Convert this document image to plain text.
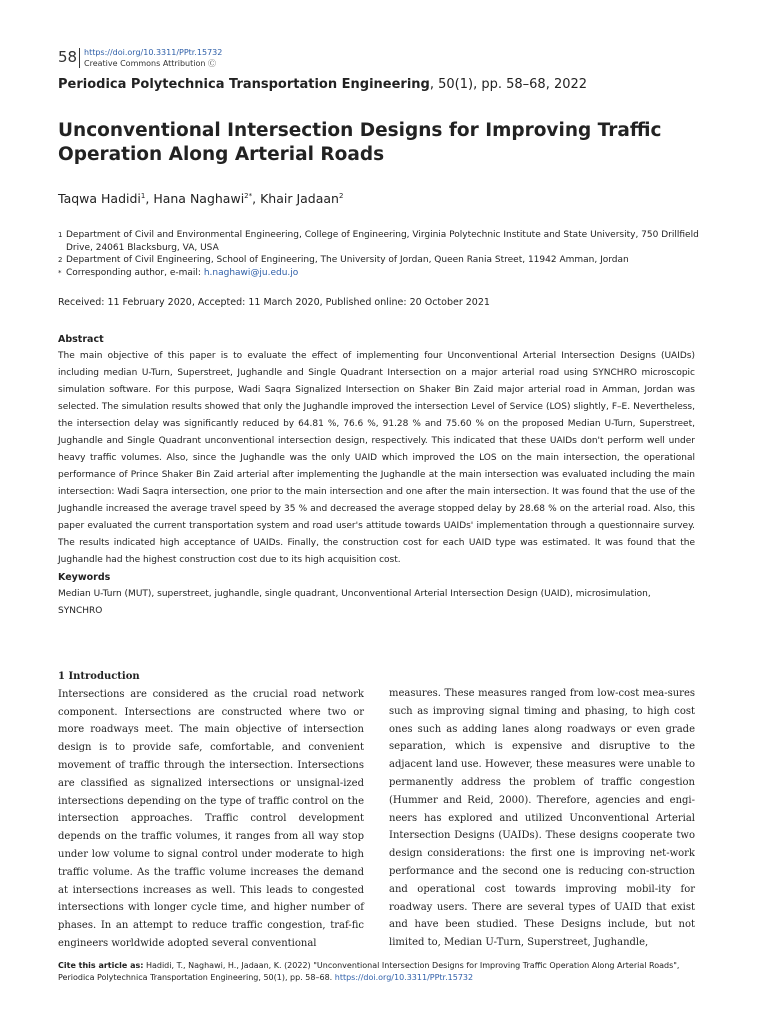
58 https://doi.org/10.3311/PPtr.15732
Creative Commons Attribution Ⓒ
Periodica Polytechnica Transportation Engineering, 50(1), pp. 58–68, 2022
Unconventional Intersection Designs for Improving Traffic Operation Along Arterial Roads
Taqwa Hadidi$^1$, Hana Naghawi$^{2*}$, Khair Jadaan$^2$
1 Department of Civil and Environmental Engineering, College of Engineering, Virginia Polytechnic Institute and State University, 750 Drillfield Drive, 24061 Blacksburg, VA, USA
2 Department of Civil Engineering, School of Engineering, The University of Jordan, Queen Rania Street, 11942 Amman, Jordan
* Corresponding author, e-mail: h.naghawi@ju.edu.jo
Received: 11 February 2020, Accepted: 11 March 2020, Published online: 20 October 2021
Abstract
The main objective of this paper is to evaluate the effect of implementing four Unconventional Arterial Intersection Designs (UAIDs) including median U-Turn, Superstreet, Jughandle and Single Quadrant Intersection on a major arterial road using SYNCHRO microscopic simulation software. For this purpose, Wadi Saqra Signalized Intersection on Shaker Bin Zaid major arterial road in Amman, Jordan was selected. The simulation results showed that only the Jughandle improved the intersection Level of Service (LOS) slightly, F–E. Nevertheless, the intersection delay was significantly reduced by 64.81 %, 76.6 %, 91.28 % and 75.60 % on the proposed Median U-Turn, Superstreet, Jughandle and Single Quadrant unconventional intersection design, respectively. This indicated that these UAIDs don't perform well under heavy traffic volumes. Also, since the Jughandle was the only UAID which improved the LOS on the main intersection, the operational performance of Prince Shaker Bin Zaid arterial after implementing the Jughandle at the main intersection was evaluated including the main intersection: Wadi Saqra intersection, one prior to the main intersection and one after the main intersection. It was found that the use of the Jughandle increased the average travel speed by 35 % and decreased the average stopped delay by 28.68 % on the arterial road. Also, this paper evaluated the current transportation system and road user's attitude towards UAIDs' implementation through a questionnaire survey. The results indicated high acceptance of UAIDs. Finally, the construction cost for each UAID type was estimated. It was found that the Jughandle had the highest construction cost due to its high acquisition cost.
Keywords
Median U-Turn (MUT), superstreet, jughandle, single quadrant, Unconventional Arterial Intersection Design (UAID), microsimulation, SYNCHRO
1 Introduction
Intersections are considered as the crucial road network component. Intersections are constructed where two or more roadways meet. The main objective of intersection design is to provide safe, comfortable, and convenient movement of traffic through the intersection. Intersections are classified as signalized intersections or unsignal-ized intersections depending on the type of traffic control on the intersection approaches. Traffic control development depends on the traffic volumes, it ranges from all way stop under low volume to signal control under moderate to high traffic volume. As the traffic volume increases the demand at intersections increases as well. This leads to congested intersections with longer cycle time, and higher number of phases. In an attempt to reduce traffic congestion, traf-fic engineers worldwide adopted several conventional
measures. These measures ranged from low-cost mea-sures such as improving signal timing and phasing, to high cost ones such as adding lanes along roadways or even grade separation, which is expensive and disruptive to the adjacent land use. However, these measures were unable to permanently address the problem of traffic congestion (Hummer and Reid, 2000). Therefore, agencies and engi-neers has explored and utilized Unconventional Arterial Intersection Designs (UAIDs). These designs cooperate two design considerations: the first one is improving net-work performance and the second one is reducing con-struction and operational cost towards improving mobil-ity for roadway users. There are several types of UAID that exist and have been studied. These Designs include, but not limited to, Median U-Turn, Superstreet, Jughandle,
Cite this article as: Hadidi, T., Naghawi, H., Jadaan, K. (2022) "Unconventional Intersection Designs for Improving Traffic Operation Along Arterial Roads", Periodica Polytechnica Transportation Engineering, 50(1), pp. 58–68. https://doi.org/10.3311/PPtr.15732
